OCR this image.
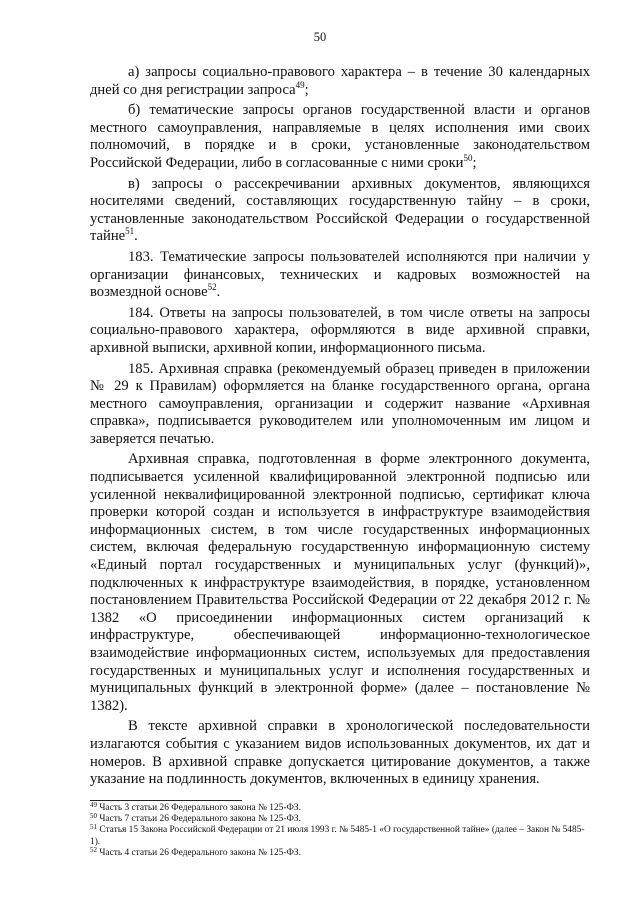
50

а) запросы социально-правового характера – в течение 30 календарных дней со дня регистрации запроса$^{49}$;

б) тематические запросы органов государственной власти и органов местного самоуправления, направляемые в целях исполнения ими своих полномочий, в порядке и в сроки, установленные законодательством Российской Федерации, либо в согласованные с ними сроки$^{50}$;

в) запросы о рассекречивании архивных документов, являющихся носителями сведений, составляющих государственную тайну – в сроки, установленные законодательством Российской Федерации о государственной тайне$^{51}$.

183. Тематические запросы пользователей исполняются при наличии у организации финансовых, технических и кадровых возможностей на возмездной основе$^{52}$.

184. Ответы на запросы пользователей, в том числе ответы на запросы социально-правового характера, оформляются в виде архивной справки, архивной выписки, архивной копии, информационного письма.

185. Архивная справка (рекомендуемый образец приведен в приложении № 29 к Правилам) оформляется на бланке государственного органа, органа местного самоуправления, организации и содержит название «Архивная справка», подписывается руководителем или уполномоченным им лицом и заверяется печатью.

Архивная справка, подготовленная в форме электронного документа, подписывается усиленной квалифицированной электронной подписью или усиленной неквалифицированной электронной подписью, сертификат ключа проверки которой создан и используется в инфраструктуре взаимодействия информационных систем, в том числе государственных информационных систем, включая федеральную государственную информационную систему «Единый портал государственных и муниципальных услуг (функций)», подключенных к инфраструктуре взаимодействия, в порядке, установленном постановлением Правительства Российской Федерации от 22 декабря 2012 г. № 1382 «О присоединении информационных систем организаций к инфраструктуре, обеспечивающей информационно-технологическое взаимодействие информационных систем, используемых для предоставления государственных и муниципальных услуг и исполнения государственных и муниципальных функций в электронной форме» (далее – постановление № 1382).

В тексте архивной справки в хронологической последовательности излагаются события с указанием видов использованных документов, их дат и номеров. В архивной справке допускается цитирование документов, а также указание на подлинность документов, включенных в единицу хранения.

$^{49}$ Часть 3 статьи 26 Федерального закона № 125-ФЗ.

$^{50}$ Часть 7 статьи 26 Федерального закона № 125-ФЗ.

$^{51}$ Статья 15 Закона Российской Федерации от 21 июля 1993 г. № 5485-1 «О государственной тайне» (далее – Закон № 5485-1).

$^{52}$ Часть 4 статьи 26 Федерального закона № 125-ФЗ.
